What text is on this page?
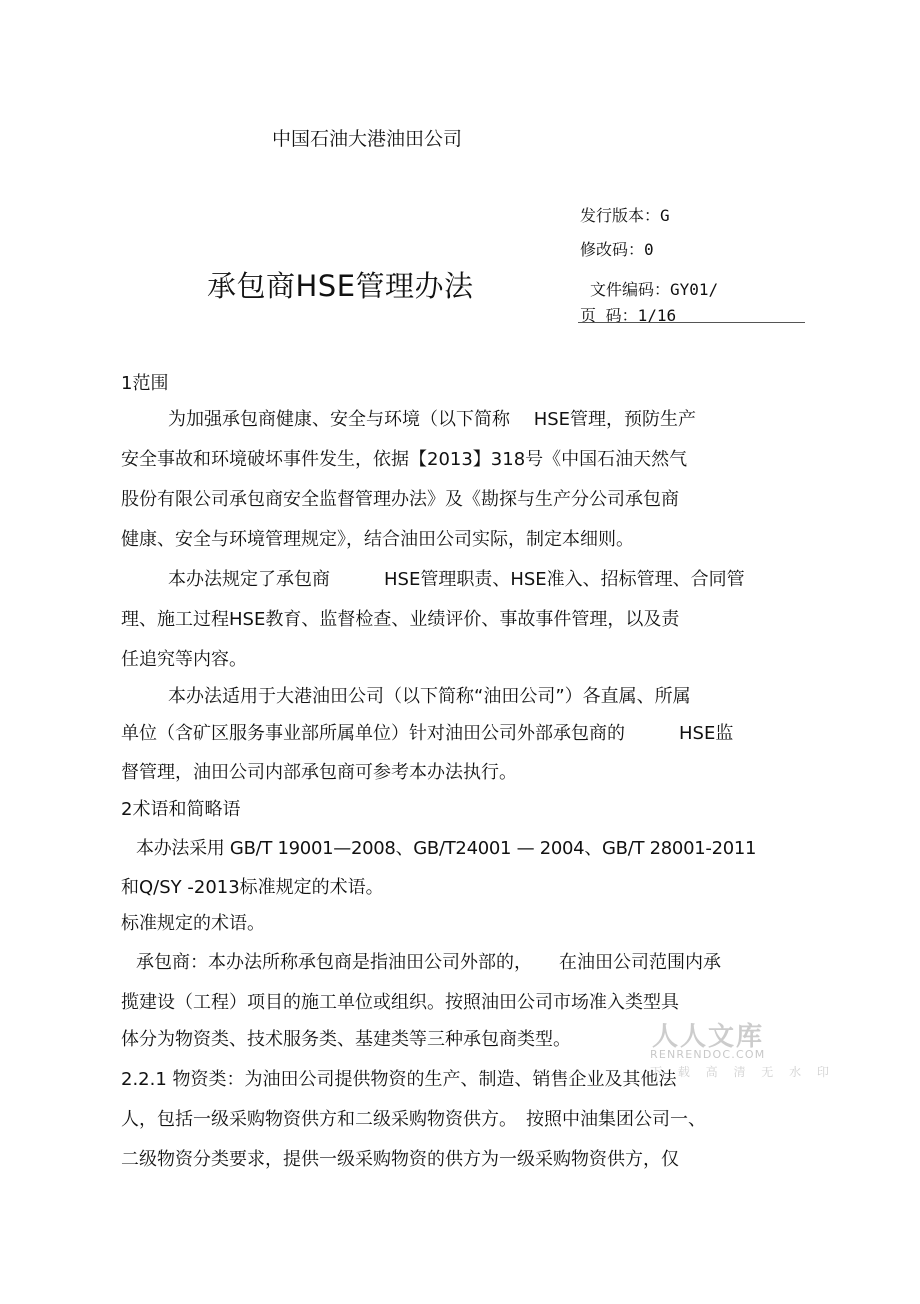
中国石油大港油田公司
承包商HSE管理办法
发行版本：G
修改码：0
文件编码：GY01/
页 码：1/16
1范围
为加强承包商健康、安全与环境（以下简称　 HSE管理，预防生产
安全事故和环境破坏事件发生，依据【2013】318号《中国石油天然气
股份有限公司承包商安全监督管理办法》及《勘探与生产分公司承包商
健康、安全与环境管理规定》，结合油田公司实际，制定本细则。
本办法规定了承包商　　　HSE管理职责、HSE准入、招标管理、合同管
理、施工过程HSE教育、监督检查、业绩评价、事故事件管理，以及责
任追究等内容。
本办法适用于大港油田公司（以下简称“油田公司”）各直属、所属
单位（含矿区服务事业部所属单位）针对油田公司外部承包商的　　　HSE监
督管理，油田公司内部承包商可参考本办法执行。
2术语和简略语
本办法采用 GB/T 19001—2008、GB/T24001 — 2004、GB/T 28001-2011
和Q/SY -2013标准规定的术语。
标准规定的术语。
承包商：本办法所称承包商是指油田公司外部的，　　在油田公司范围内承
揽建设（工程）项目的施工单位或组织。按照油田公司市场准入类型具
体分为物资类、技术服务类、基建类等三种承包商类型。
2.2.1 物资类：为油田公司提供物资的生产、制造、销售企业及其他法
人，包括一级采购物资供方和二级采购物资供方。　按照中油集团公司一、
二级物资分类要求，提供一级采购物资的供方为一级采购物资供方，仅
人人文库
RENRENDOC.COM
下 载 高 清 无 水 印
